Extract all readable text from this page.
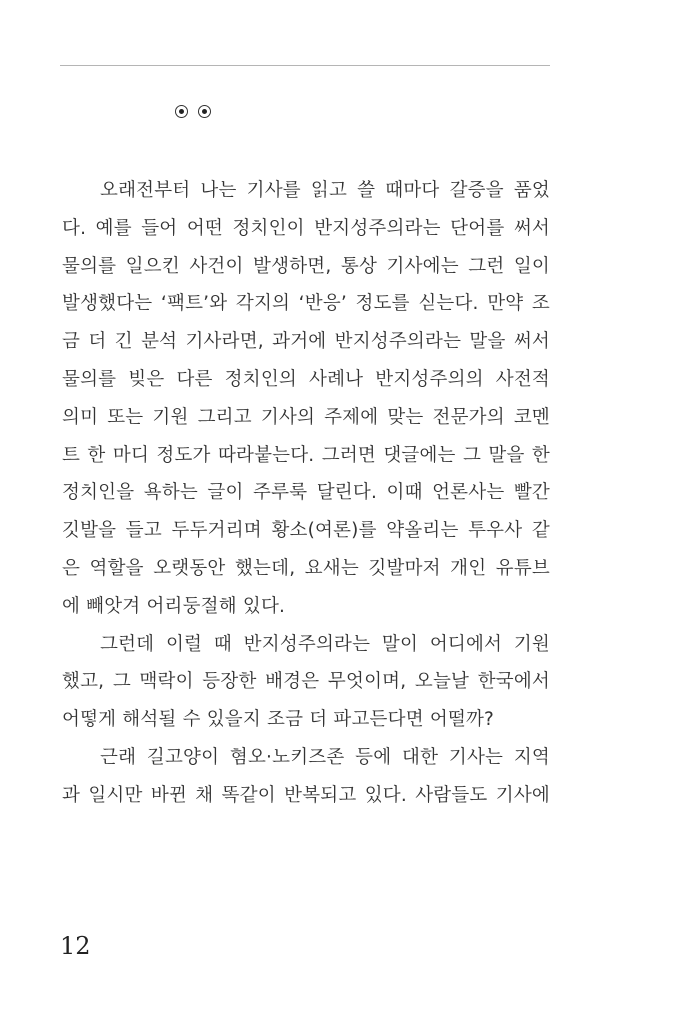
오래전부터 나는 기사를 읽고 쓸 때마다 갈증을 품었
다. 예를 들어 어떤 정치인이 반지성주의라는 단어를 써서
물의를 일으킨 사건이 발생하면, 통상 기사에는 그런 일이
발생했다는 ‘팩트’와 각지의 ‘반응’ 정도를 싣는다. 만약 조
금 더 긴 분석 기사라면, 과거에 반지성주의라는 말을 써서
물의를 빚은 다른 정치인의 사례나 반지성주의의 사전적
의미 또는 기원 그리고 기사의 주제에 맞는 전문가의 코멘
트 한 마디 정도가 따라붙는다. 그러면 댓글에는 그 말을 한
정치인을 욕하는 글이 주루룩 달린다. 이때 언론사는 빨간
깃발을 들고 두두거리며 황소(여론)를 약올리는 투우사 같
은 역할을 오랫동안 했는데, 요새는 깃발마저 개인 유튜브
에 빼앗겨 어리둥절해 있다.
그런데 이럴 때 반지성주의라는 말이 어디에서 기원
했고, 그 맥락이 등장한 배경은 무엇이며, 오늘날 한국에서
어떻게 해석될 수 있을지 조금 더 파고든다면 어떨까?
근래 길고양이 혐오·노키즈존 등에 대한 기사는 지역
과 일시만 바뀐 채 똑같이 반복되고 있다. 사람들도 기사에
12
